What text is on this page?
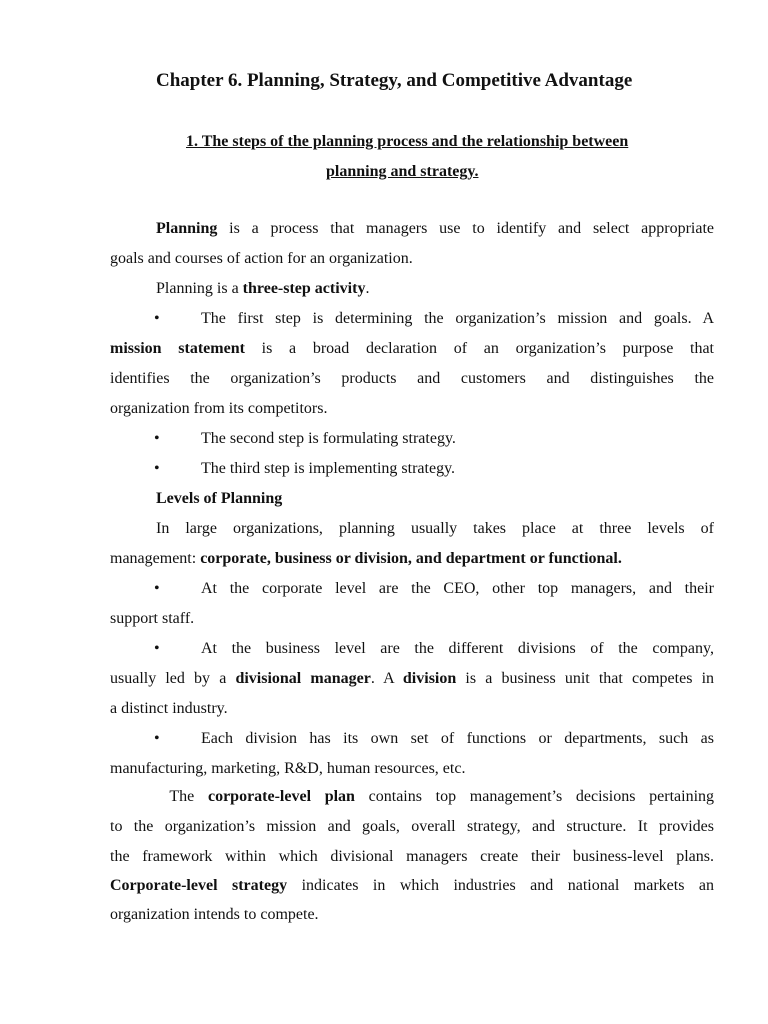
Chapter 6. Planning, Strategy, and Competitive Advantage
1. The steps of the planning process and the relationship between
planning and strategy.
Planning is a process that managers use to identify and select appropriate
goals and courses of action for an organization.
Planning is a three-step activity.
•	The first step is determining the organization’s mission and goals. A
mission statement is a broad declaration of an organization’s purpose that
identifies the organization’s products and customers and distinguishes the
organization from its competitors.
•	The second step is formulating strategy.
•	The third step is implementing strategy.
Levels of Planning
In large organizations, planning usually takes place at three levels of
management: corporate, business or division, and department or functional.
•	At the corporate level are the CEO, other top managers, and their
support staff.
•	At the business level are the different divisions of the company,
usually led by a divisional manager. A division is a business unit that competes in
a distinct industry.
•	Each division has its own set of functions or departments, such as
manufacturing, marketing, R&D, human resources, etc.
The corporate-level plan contains top management’s decisions pertaining
to the organization’s mission and goals, overall strategy, and structure. It provides
the framework within which divisional managers create their business-level plans.
Corporate-level strategy indicates in which industries and national markets an
organization intends to compete.
